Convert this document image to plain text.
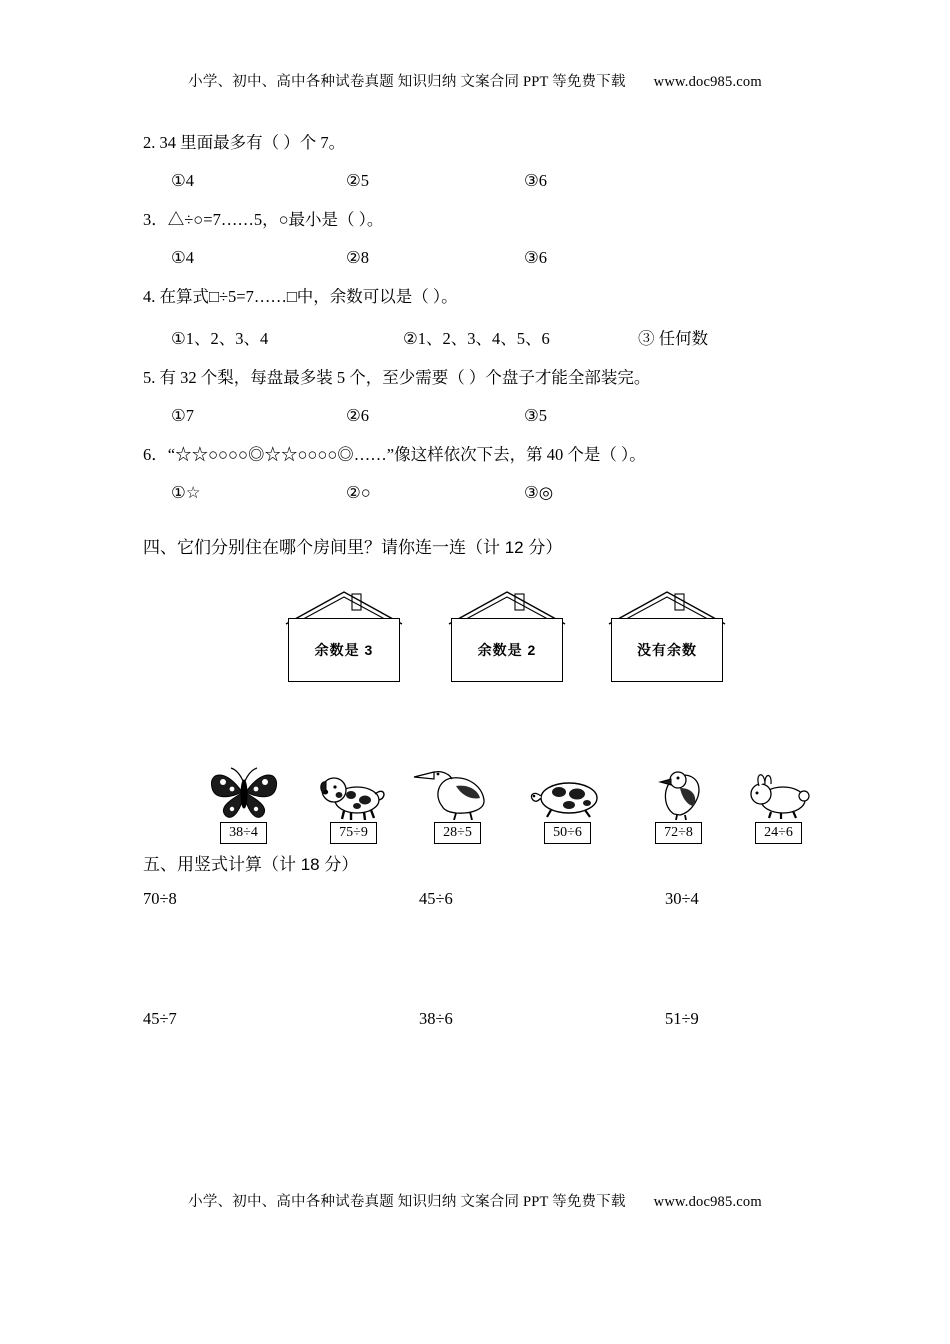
小学、初中、高中各种试卷真题 知识归纳 文案合同 PPT 等免费下载 www.doc985.com
2. 34 里面最多有（ ）个 7。
①4	②5	③6
3．△÷○=7……5，○最小是（ ）。
①4	②8	③6
4. 在算式□÷5=7……□中，余数可以是（ ）。
①1、2、3、4	②1、2、3、4、5、6	③ 任何数
5. 有 32 个梨，每盘最多装 5 个，至少需要（ ）个盘子才能全部装完。
①7	②6	③5
6．“☆☆○○○○◎☆☆○○○○◎……”像这样依次下去，第 40 个是（ ）。
①☆	②○	③◎
四、它们分别住在哪个房间里？请你连一连（计 12 分）
余数是 3	余数是 2	没有余数
38÷4	75÷9	28÷5	50÷6	72÷8	24÷6
五、用竖式计算（计 18 分）
70÷8	45÷6	30÷4
45÷7	38÷6	51÷9
小学、初中、高中各种试卷真题 知识归纳 文案合同 PPT 等免费下载 www.doc985.com
